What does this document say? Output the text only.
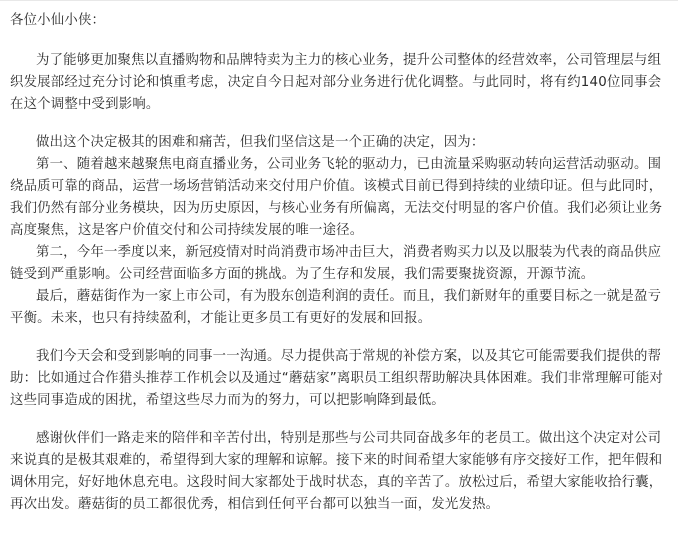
各位小仙小侠：

为了能够更加聚焦以直播购物和品牌特卖为主力的核心业务，提升公司整体的经营效率，公司管理层与组织发展部经过充分讨论和慎重考虑，决定自今日起对部分业务进行优化调整。与此同时，将有约140位同事会在这个调整中受到影响。

做出这个决定极其的困难和痛苦，但我们坚信这是一个正确的决定，因为：

第一、随着越来越聚焦电商直播业务，公司业务飞轮的驱动力，已由流量采购驱动转向运营活动驱动。围绕品质可靠的商品，运营一场场营销活动来交付用户价值。该模式目前已得到持续的业绩印证。但与此同时，我们仍然有部分业务模块，因为历史原因，与核心业务有所偏离，无法交付明显的客户价值。我们必须让业务高度聚焦，这是客户价值交付和公司持续发展的唯一途径。

第二，今年一季度以来，新冠疫情对时尚消费市场冲击巨大，消费者购买力以及以服装为代表的商品供应链受到严重影响。公司经营面临多方面的挑战。为了生存和发展，我们需要聚拢资源，开源节流。

最后，蘑菇街作为一家上市公司，有为股东创造利润的责任。而且，我们新财年的重要目标之一就是盈亏平衡。未来，也只有持续盈利，才能让更多员工有更好的发展和回报。

我们今天会和受到影响的同事一一沟通。尽力提供高于常规的补偿方案，以及其它可能需要我们提供的帮助：比如通过合作猎头推荐工作机会以及通过“蘑菇家”离职员工组织帮助解决具体困难。我们非常理解可能对这些同事造成的困扰，希望这些尽力而为的努力，可以把影响降到最低。

感谢伙伴们一路走来的陪伴和辛苦付出，特别是那些与公司共同奋战多年的老员工。做出这个决定对公司来说真的是极其艰难的，希望得到大家的理解和谅解。接下来的时间希望大家能够有序交接好工作，把年假和调休用完，好好地休息充电。这段时间大家都处于战时状态，真的辛苦了。放松过后，希望大家能收拾行囊，再次出发。蘑菇街的员工都很优秀，相信到任何平台都可以独当一面，发光发热。
